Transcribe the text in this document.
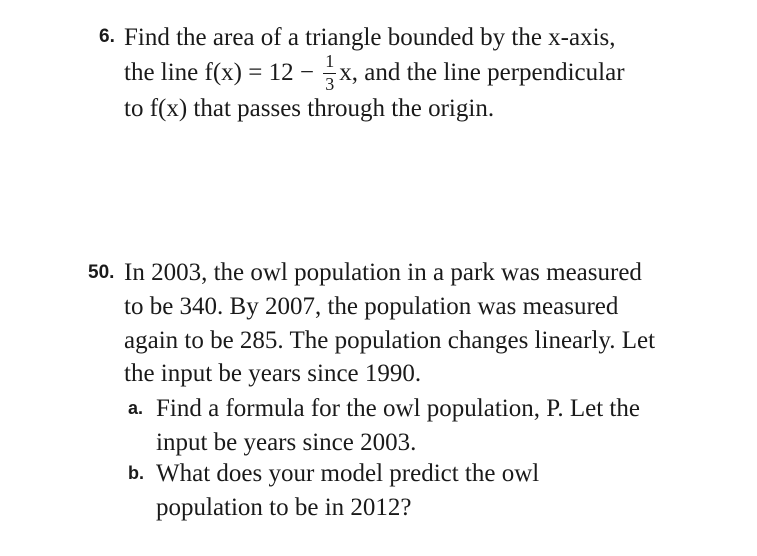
6. Find the area of a triangle bounded by the x-axis,
the line $f(x) = 12 - \frac{1}{3} x$, and the line perpendicular
to f(x) that passes through the origin.
50. In 2003, the owl population in a park was measured
to be 340. By 2007, the population was measured
again to be 285. The population changes linearly. Let
the input be years since 1990.
a. Find a formula for the owl population, P. Let the
input be years since 2003.
b. What does your model predict the owl
population to be in 2012?
